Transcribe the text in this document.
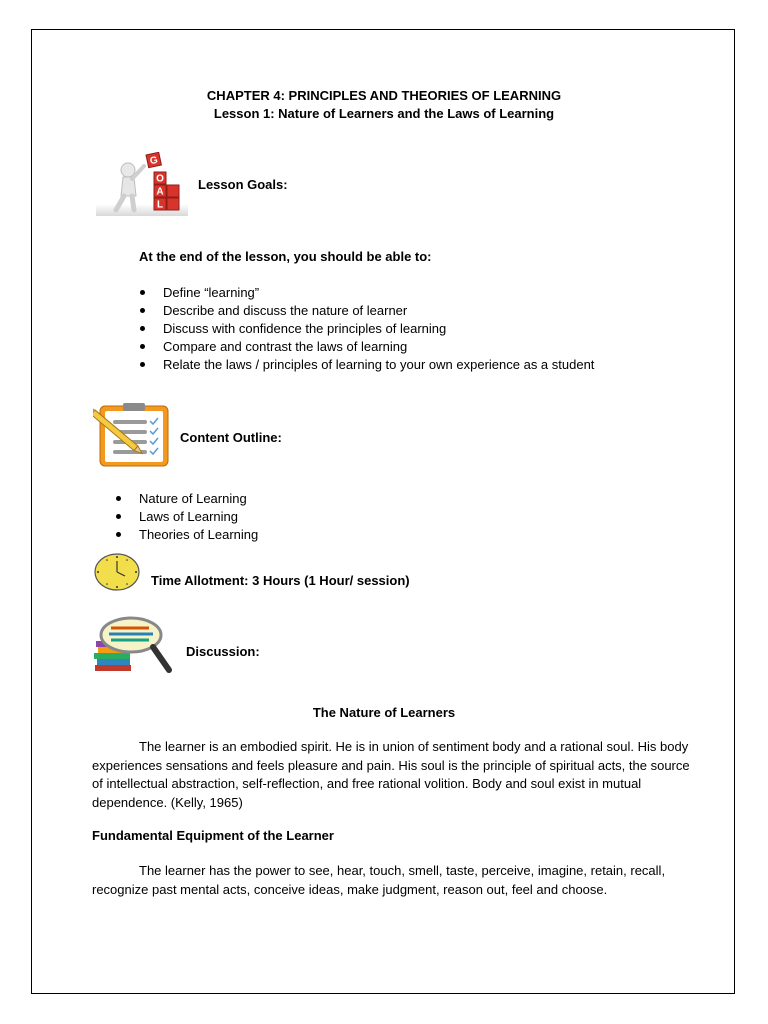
CHAPTER 4: PRINCIPLES AND THEORIES OF LEARNING
Lesson 1: Nature of Learners and the Laws of Learning
G
O
A
L
Lesson Goals:
At the end of the lesson, you should be able to:
Define “learning”
Describe and discuss the nature of learner
Discuss with confidence the principles of learning
Compare and contrast the laws of learning
Relate the laws / principles of learning to your own experience as a student
Content Outline:
Nature of Learning
Laws of Learning
Theories of Learning
Time Allotment: 3 Hours (1 Hour/ session)
Discussion:
The Nature of Learners
The learner is an embodied spirit. He is in union of sentiment body and a rational soul. His body experiences sensations and feels pleasure and pain. His soul is the principle of spiritual acts, the source of intellectual abstraction, self-reflection, and free rational volition. Body and soul exist in mutual dependence. (Kelly, 1965)
Fundamental Equipment of the Learner
The learner has the power to see, hear, touch, smell, taste, perceive, imagine, retain, recall, recognize past mental acts, conceive ideas, make judgment, reason out, feel and choose.
